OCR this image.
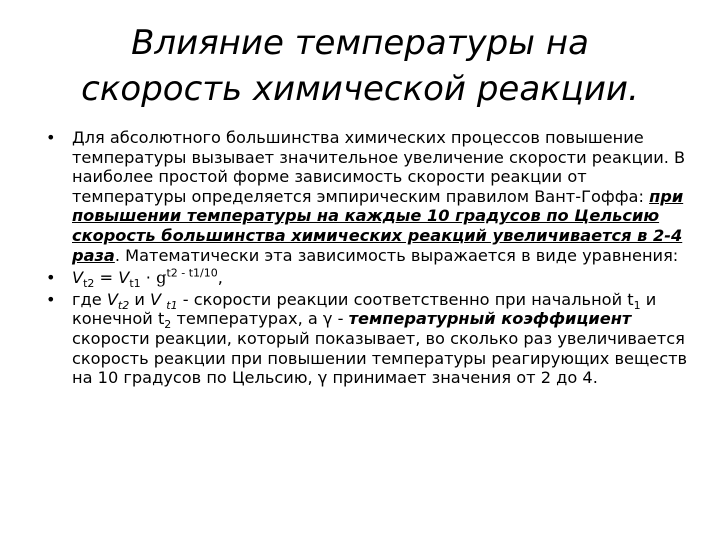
Влияние температуры на
скорость химической реакции.
•	Для абсолютного большинства химических процессов повышение температуры вызывает значительное увеличение скорости реакции. В наиболее простой форме зависимость скорости реакции от температуры определяется эмпирическим правилом Вант-Гоффа: при повышении температуры на каждые 10 градусов по Цельсию скорость большинства химических реакций увеличивается в 2-4 раза. Математически эта зависимость выражается в виде уравнения:
•	$V_{t2} = V_{t1} \cdot g^{t2 - t1/10}$,
•	где $V_{t2}$ и V $_{t1}$ - скорости реакции соответственно при начальной $t_1$ и конечной $t_2$ температурах, а γ - температурный коэффициент скорости реакции, который показывает, во сколько раз увеличивается скорость реакции при повышении температуры реагирующих веществ на 10 градусов по Цельсию, γ принимает значения от 2 до 4.
